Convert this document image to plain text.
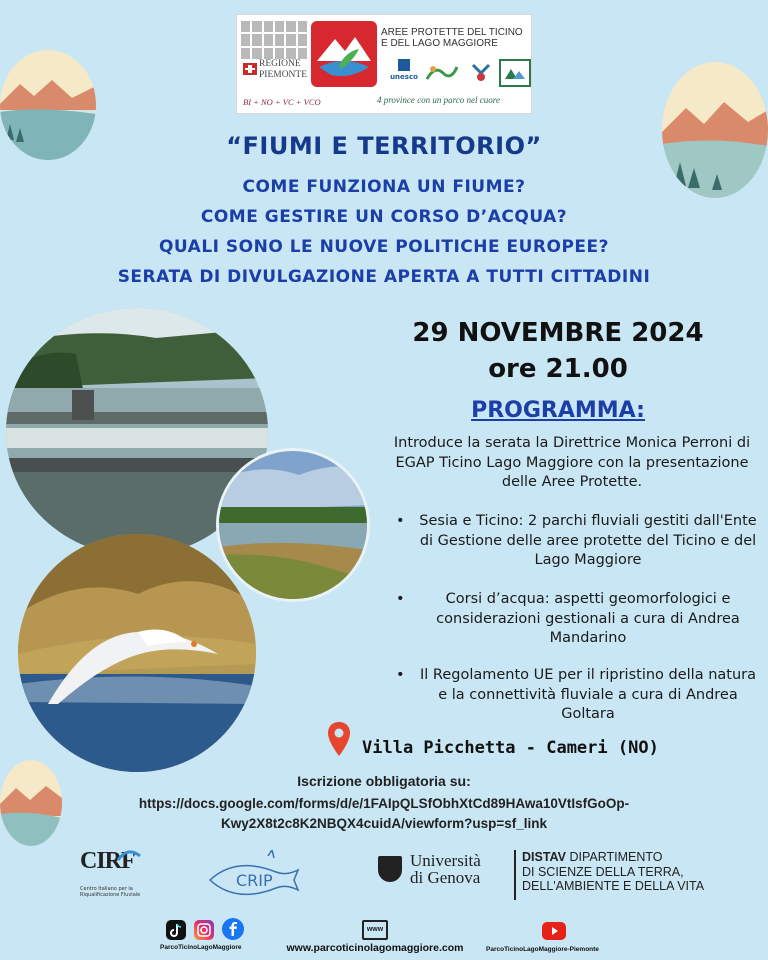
REGIONE PIEMONTE
BI + NO + VC + VCO
AREE PROTETTE DEL TICINO
E DEL LAGO MAGGIORE
unesco
4 province con un parco nel cuore
“FIUMI E TERRITORIO”
COME FUNZIONA UN FIUME?
COME GESTIRE UN CORSO D’ACQUA?
QUALI SONO LE NUOVE POLITICHE EUROPEE?
SERATA DI DIVULGAZIONE APERTA A TUTTI CITTADINI
29 NOVEMBRE 2024
ore 21.00
PROGRAMMA:
Introduce la serata la Direttrice Monica Perroni di EGAP Ticino Lago Maggiore con la presentazione delle Aree Protette.
• Sesia e Ticino: 2 parchi fluviali gestiti dall'Ente di Gestione delle aree protette del Ticino e del Lago Maggiore
•	Corsi d’acqua: aspetti geomorfologici e considerazioni gestionali a cura di Andrea Mandarino
• Il Regolamento UE per il ripristino della natura e la connettività fluviale a cura di Andrea Goltara
Villa Picchetta - Cameri (NO)
Iscrizione obbligatoria su:
https://docs.google.com/forms/d/e/1FAIpQLSfObhXtCd89HAwa10VtIsfGoOp-
Kwy2X8t2c8K2NBQX4cuidA/viewform?usp=sf_link
CIRF
Centro Italiano per la Riqualificazione Fluviale
CRIP
Università
di Genova
DISTAV DIPARTIMENTO
DI SCIENZE DELLA TERRA,
DELL'AMBIENTE E DELLA VITA
ParcoTicinoLagoMaggiore
www
www.parcoticinolagomaggiore.com	ParcoTicinoLagoMaggiore-Piemonte
